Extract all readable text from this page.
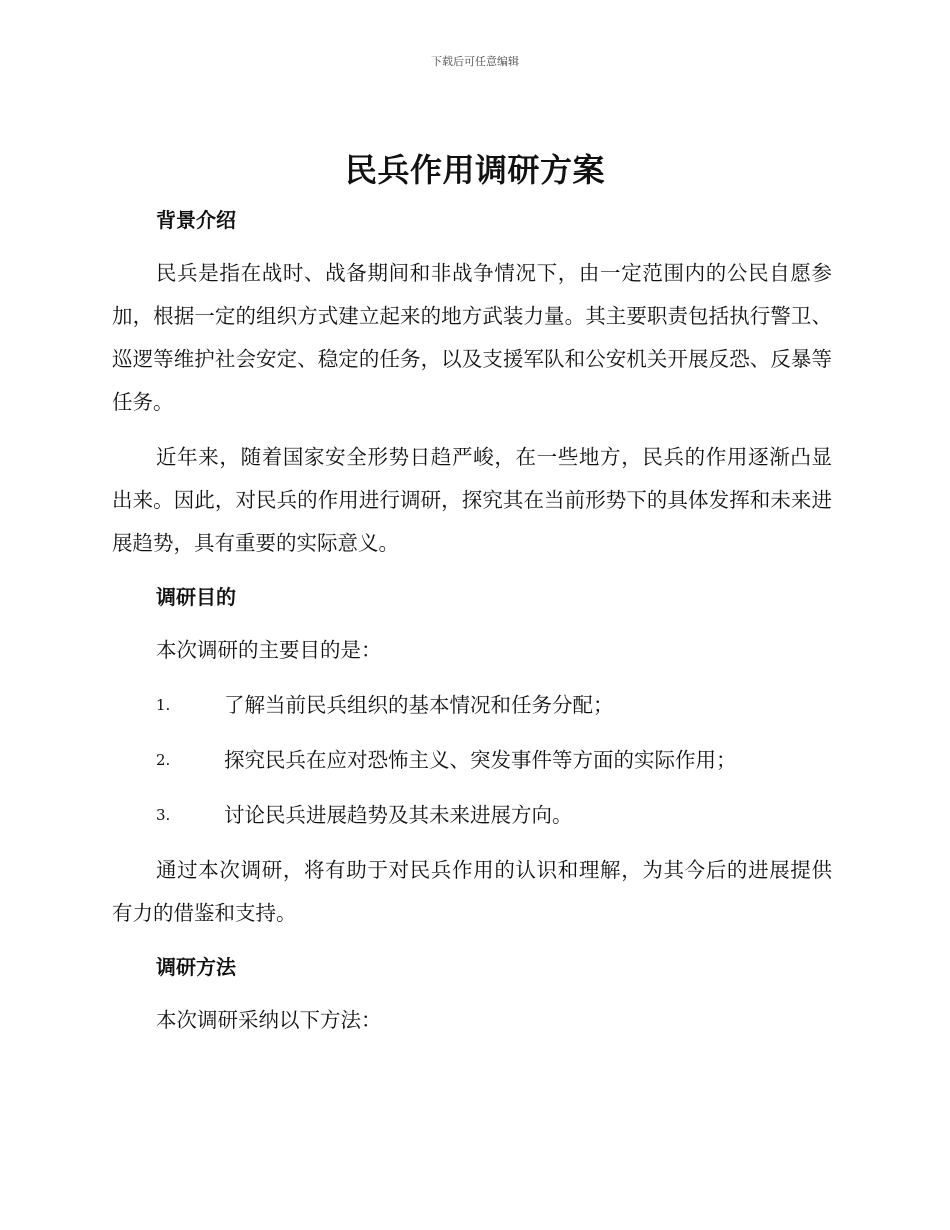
下载后可任意编辑
民兵作用调研方案
背景介绍

民兵是指在战时、战备期间和非战争情况下，由一定范围内的公民自愿参加，根据一定的组织方式建立起来的地方武装力量。其主要职责包括执行警卫、巡逻等维护社会安定、稳定的任务，以及支援军队和公安机关开展反恐、反暴等任务。

近年来，随着国家安全形势日趋严峻，在一些地方，民兵的作用逐渐凸显出来。因此，对民兵的作用进行调研，探究其在当前形势下的具体发挥和未来进展趋势，具有重要的实际意义。

调研目的

本次调研的主要目的是：

1.	了解当前民兵组织的基本情况和任务分配；
2.	探究民兵在应对恐怖主义、突发事件等方面的实际作用；
3.	讨论民兵进展趋势及其未来进展方向。

通过本次调研，将有助于对民兵作用的认识和理解，为其今后的进展提供有力的借鉴和支持。

调研方法

本次调研采纳以下方法：
